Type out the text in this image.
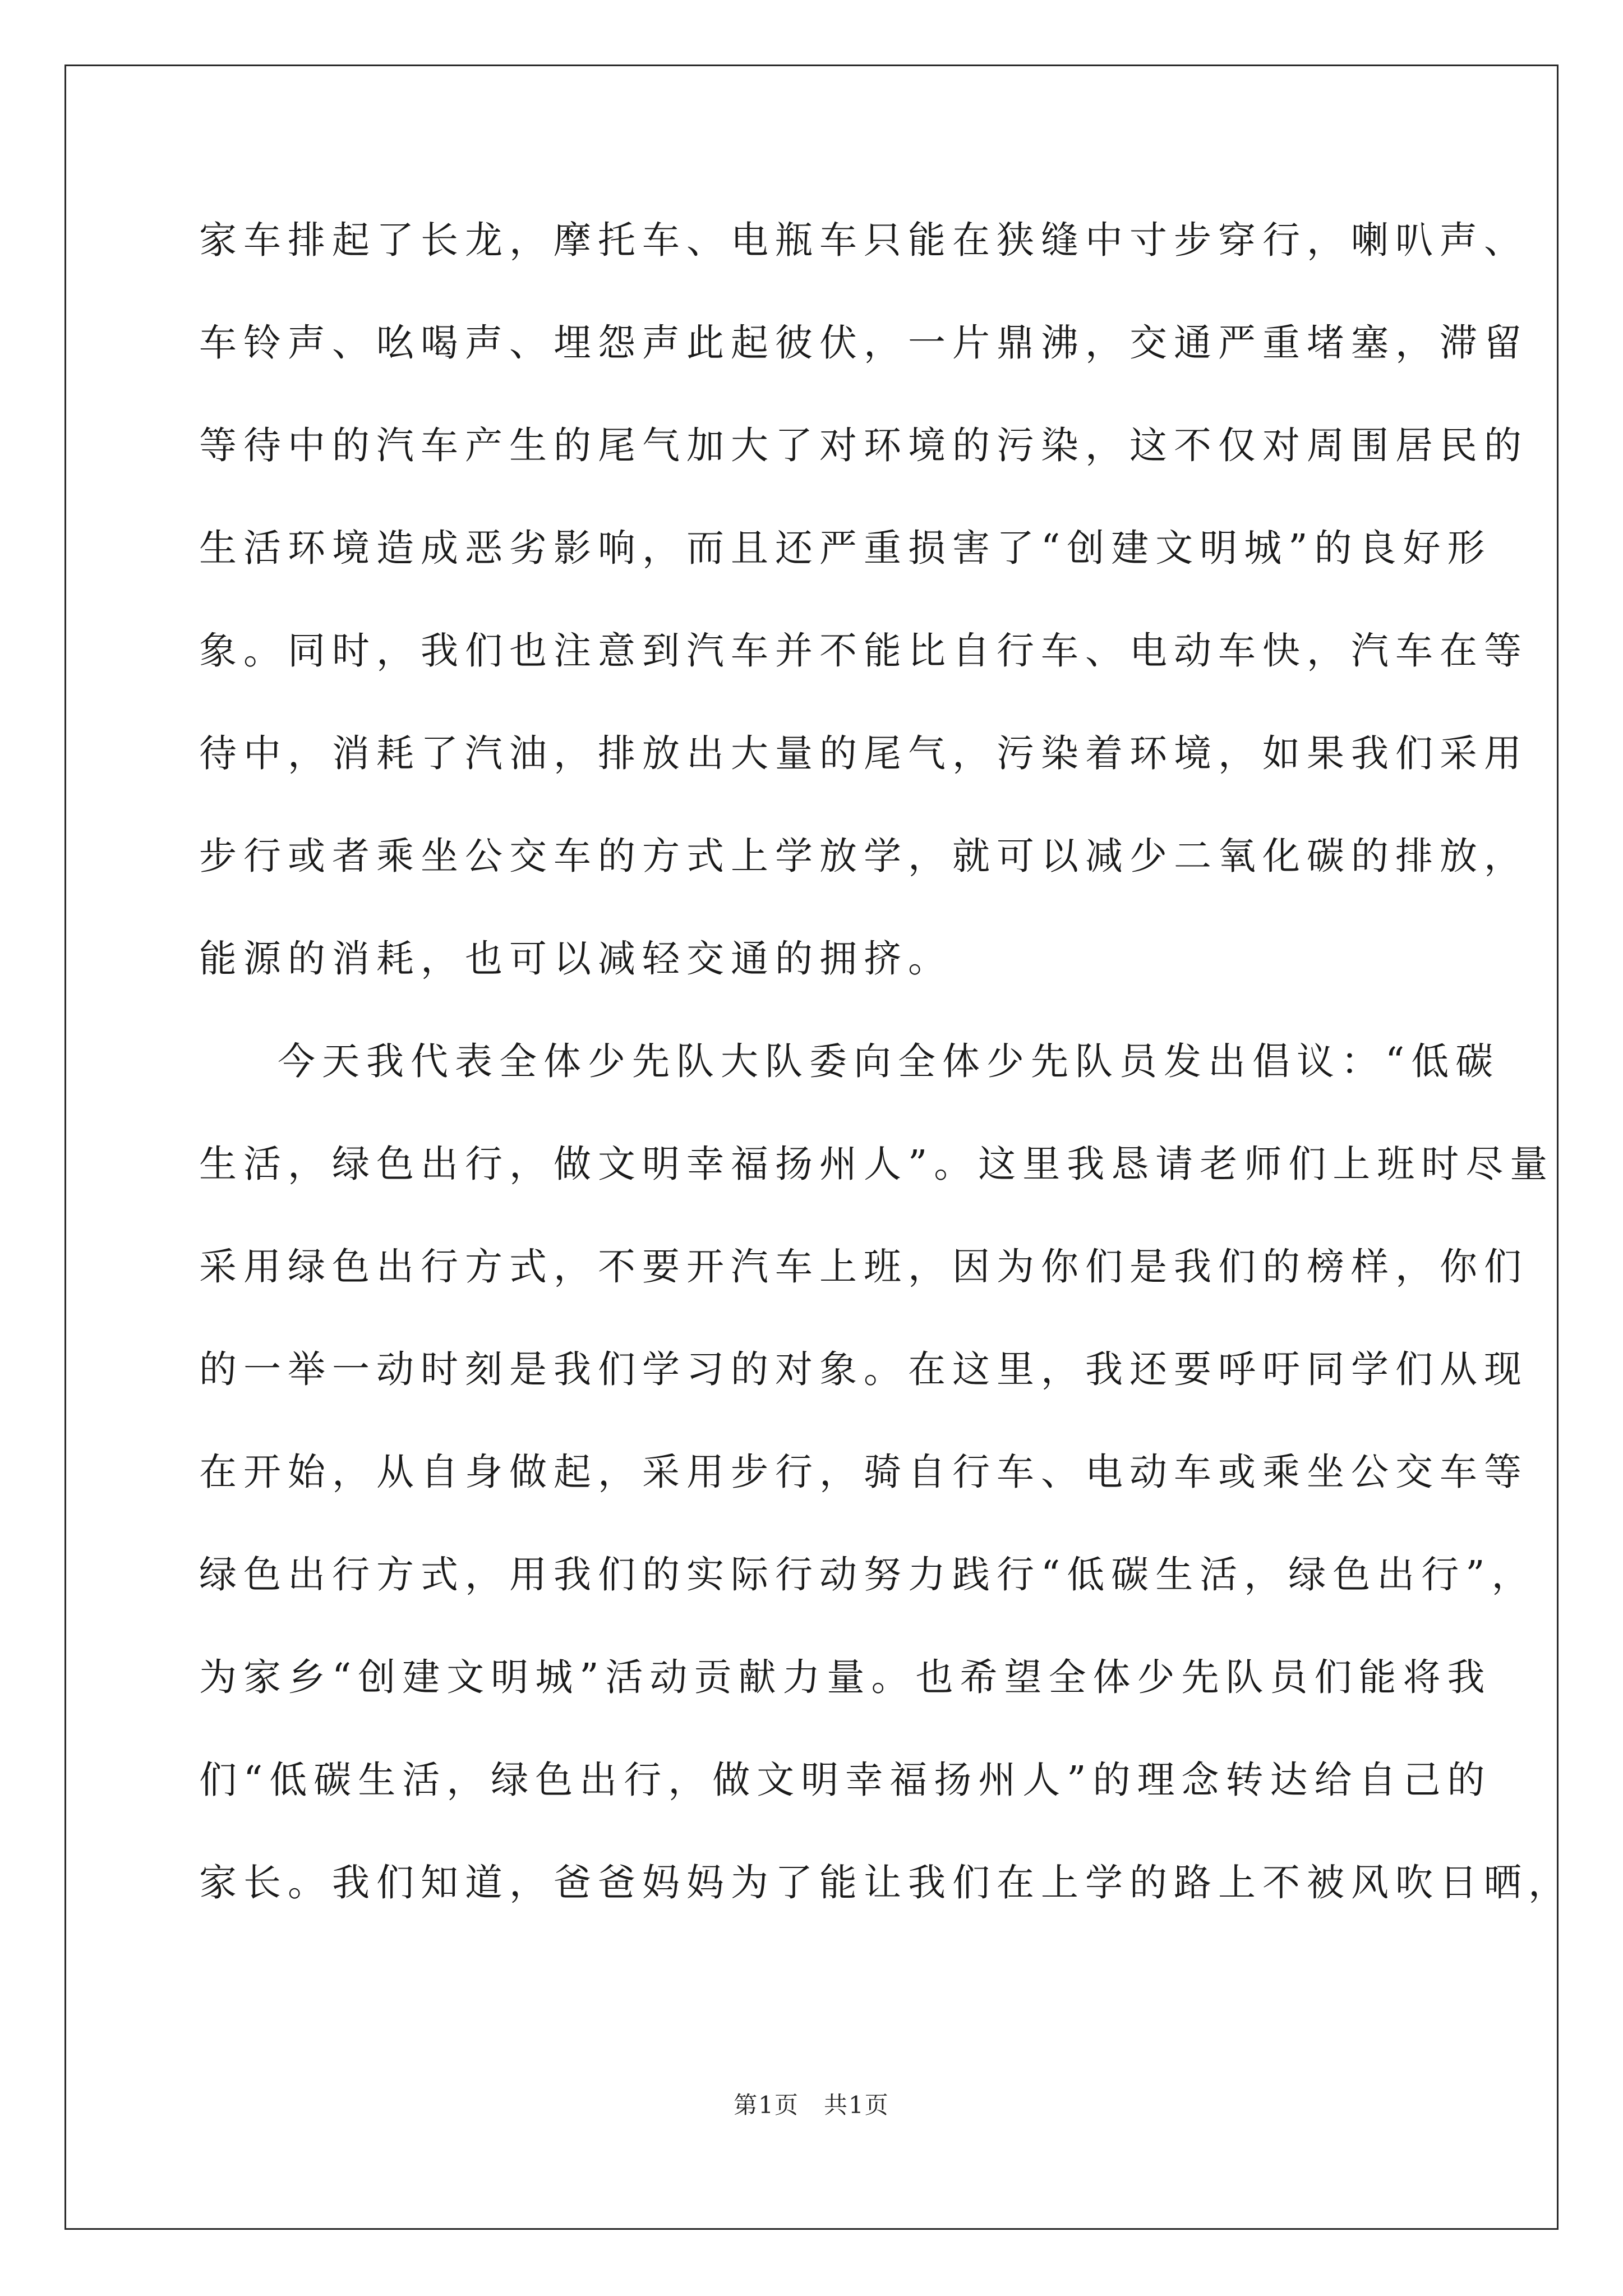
家车排起了长龙，摩托车、电瓶车只能在狭缝中寸步穿行，喇叭声、
车铃声、吆喝声、埋怨声此起彼伏，一片鼎沸，交通严重堵塞，滞留
等待中的汽车产生的尾气加大了对环境的污染，这不仅对周围居民的
生活环境造成恶劣影响，而且还严重损害了“创建文明城”的良好形
象。同时，我们也注意到汽车并不能比自行车、电动车快，汽车在等
待中，消耗了汽油，排放出大量的尾气，污染着环境，如果我们采用
步行或者乘坐公交车的方式上学放学，就可以减少二氧化碳的排放，
能源的消耗，也可以减轻交通的拥挤。
今天我代表全体少先队大队委向全体少先队员发出倡议：“低碳
生活，绿色出行，做文明幸福扬州人”。这里我恳请老师们上班时尽量
采用绿色出行方式，不要开汽车上班，因为你们是我们的榜样，你们
的一举一动时刻是我们学习的对象。在这里，我还要呼吁同学们从现
在开始，从自身做起，采用步行，骑自行车、电动车或乘坐公交车等
绿色出行方式，用我们的实际行动努力践行“低碳生活，绿色出行”，
为家乡“创建文明城”活动贡献力量。也希望全体少先队员们能将我
们“低碳生活，绿色出行，做文明幸福扬州人”的理念转达给自己的
家长。我们知道，爸爸妈妈为了能让我们在上学的路上不被风吹日晒，
第1页　共1页
